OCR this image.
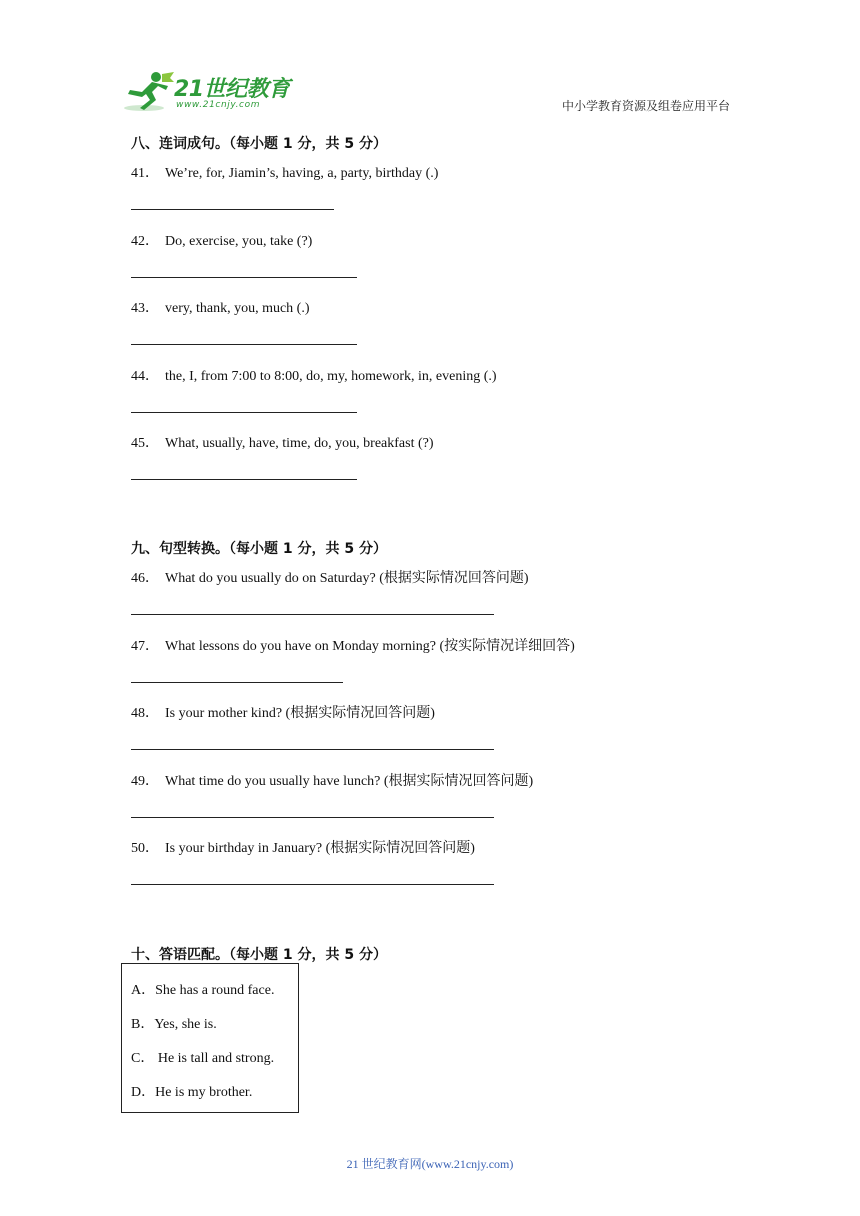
21世纪教育
www.21cnjy.com	中小学教育资源及组卷应用平台
八、连词成句。（每小题 1 分，共 5 分）
41． We’re, for, Jiamin’s, having, a, party, birthday (.)
42． Do, exercise, you, take (?)
43． very, thank, you, much (.)
44． the, I, from 7:00 to 8:00, do, my, homework, in, evening (.)
45． What, usually, have, time, do, you, breakfast (?)
九、句型转换。（每小题 1 分，共 5 分）
46． What do you usually do on Saturday? (根据实际情况回答问题)
47． What lessons do you have on Monday morning? (按实际情况详细回答)
48． Is your mother kind? (根据实际情况回答问题)
49． What time do you usually have lunch? (根据实际情况回答问题)
50． Is your birthday in January? (根据实际情况回答问题)
十、答语匹配。（每小题 1 分，共 5 分）
A．She has a round face.
B．Yes, she is.
C． He is tall and strong.
D．He is my brother.
21 世纪教育网(www.21cnjy.com)
